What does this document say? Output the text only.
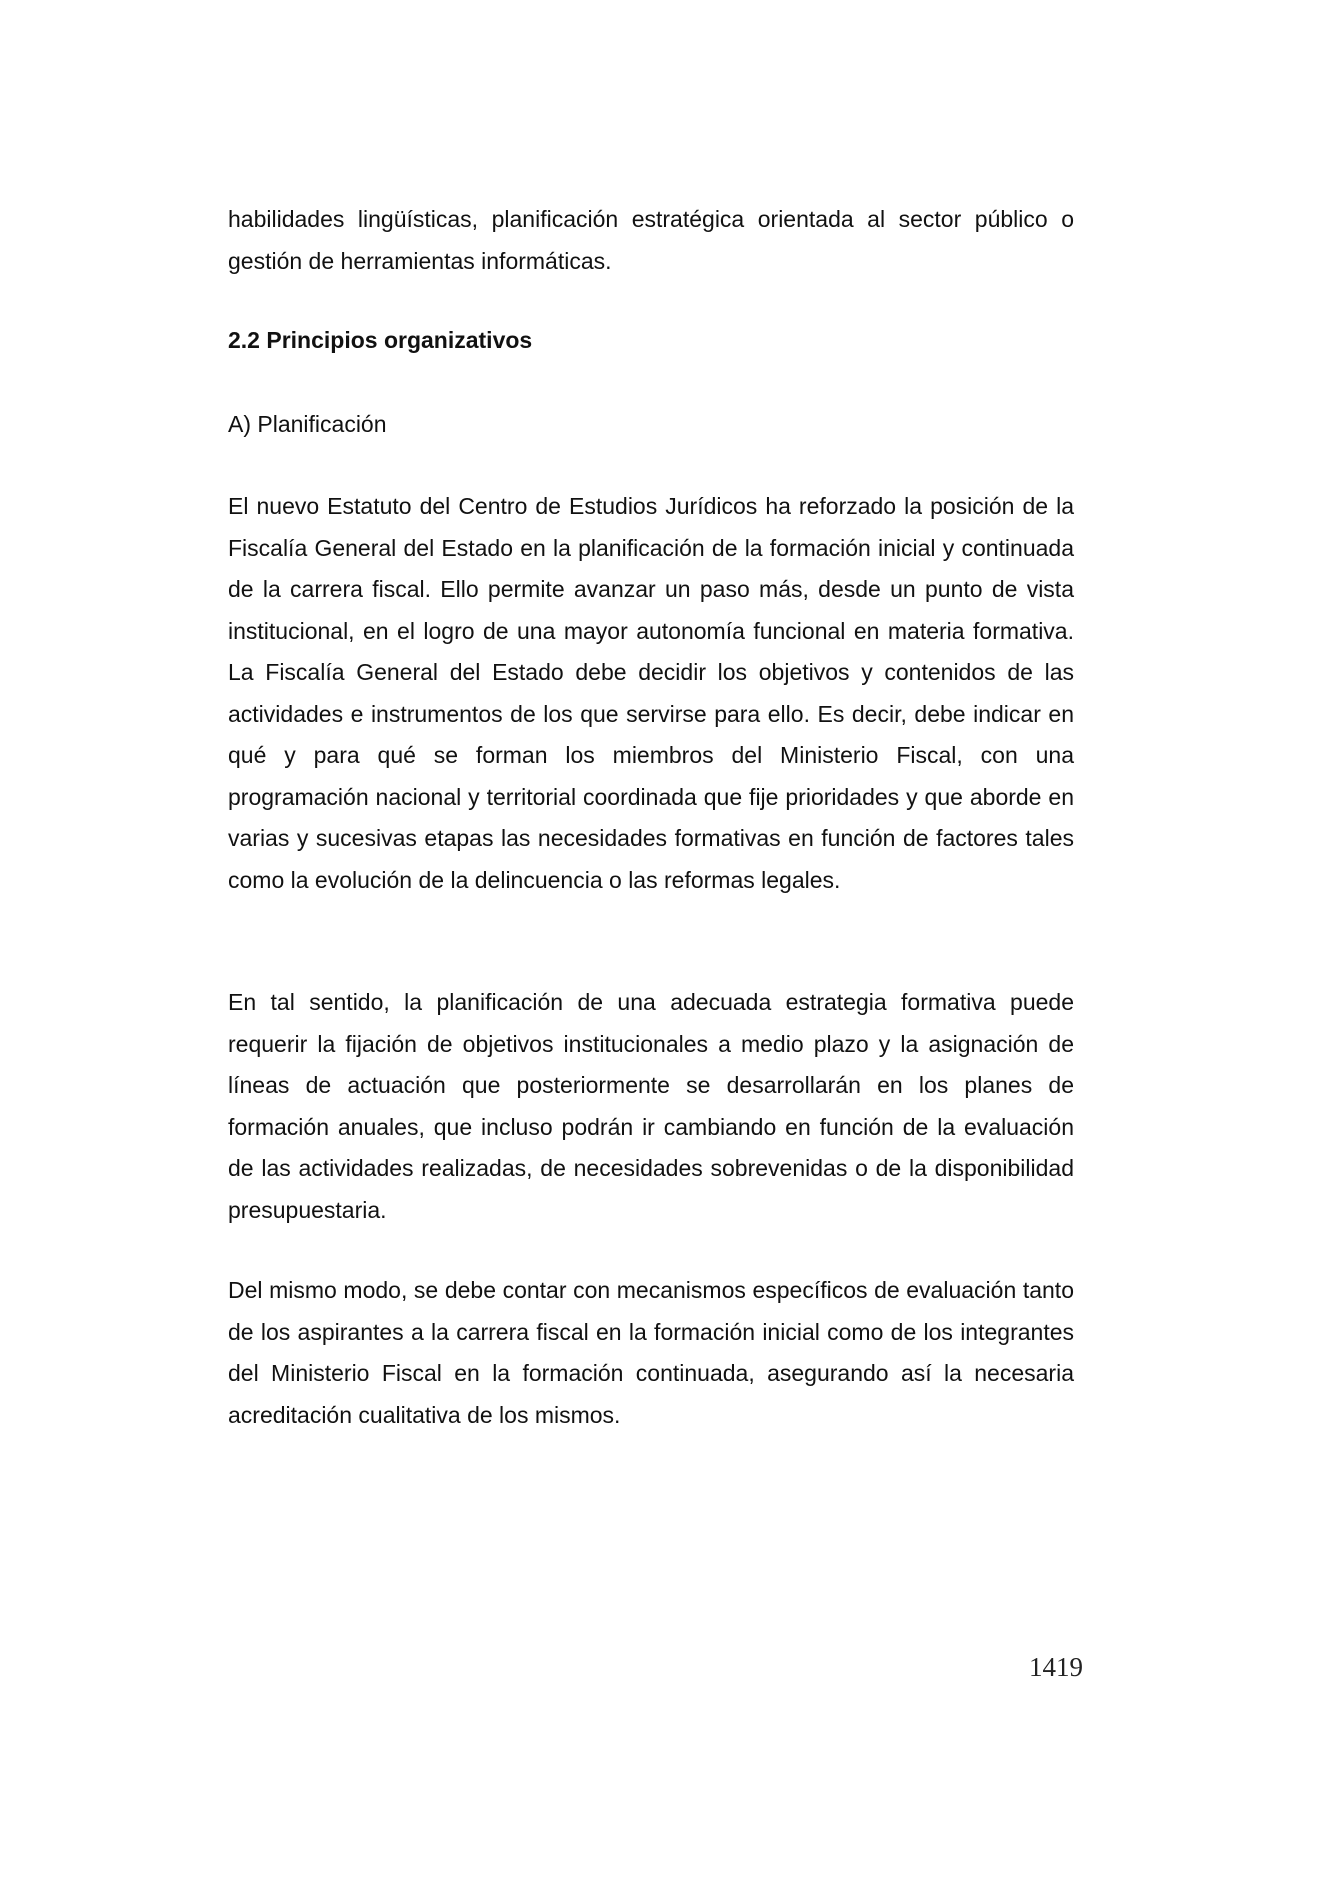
habilidades lingüísticas, planificación estratégica orientada al sector público o gestión de herramientas informáticas.

2.2 Principios organizativos

A) Planificación

El nuevo Estatuto del Centro de Estudios Jurídicos ha reforzado la posición de la Fiscalía General del Estado en la planificación de la formación inicial y continuada de la carrera fiscal. Ello permite avanzar un paso más, desde un punto de vista institucional, en el logro de una mayor autonomía funcional en materia formativa. La Fiscalía General del Estado debe decidir los objetivos y contenidos de las actividades e instrumentos de los que servirse para ello. Es decir, debe indicar en qué y para qué se forman los miembros del Ministerio Fiscal, con una programación nacional y territorial coordinada que fije prioridades y que aborde en varias y sucesivas etapas las necesidades formativas en función de factores tales como la evolución de la delincuencia o las reformas legales.

En tal sentido, la planificación de una adecuada estrategia formativa puede requerir la fijación de objetivos institucionales a medio plazo y la asignación de líneas de actuación que posteriormente se desarrollarán en los planes de formación anuales, que incluso podrán ir cambiando en función de la evaluación de las actividades realizadas, de necesidades sobrevenidas o de la disponibilidad presupuestaria.

Del mismo modo, se debe contar con mecanismos específicos de evaluación tanto de los aspirantes a la carrera fiscal en la formación inicial como de los integrantes del Ministerio Fiscal en la formación continuada, asegurando así la necesaria acreditación cualitativa de los mismos.

1419
